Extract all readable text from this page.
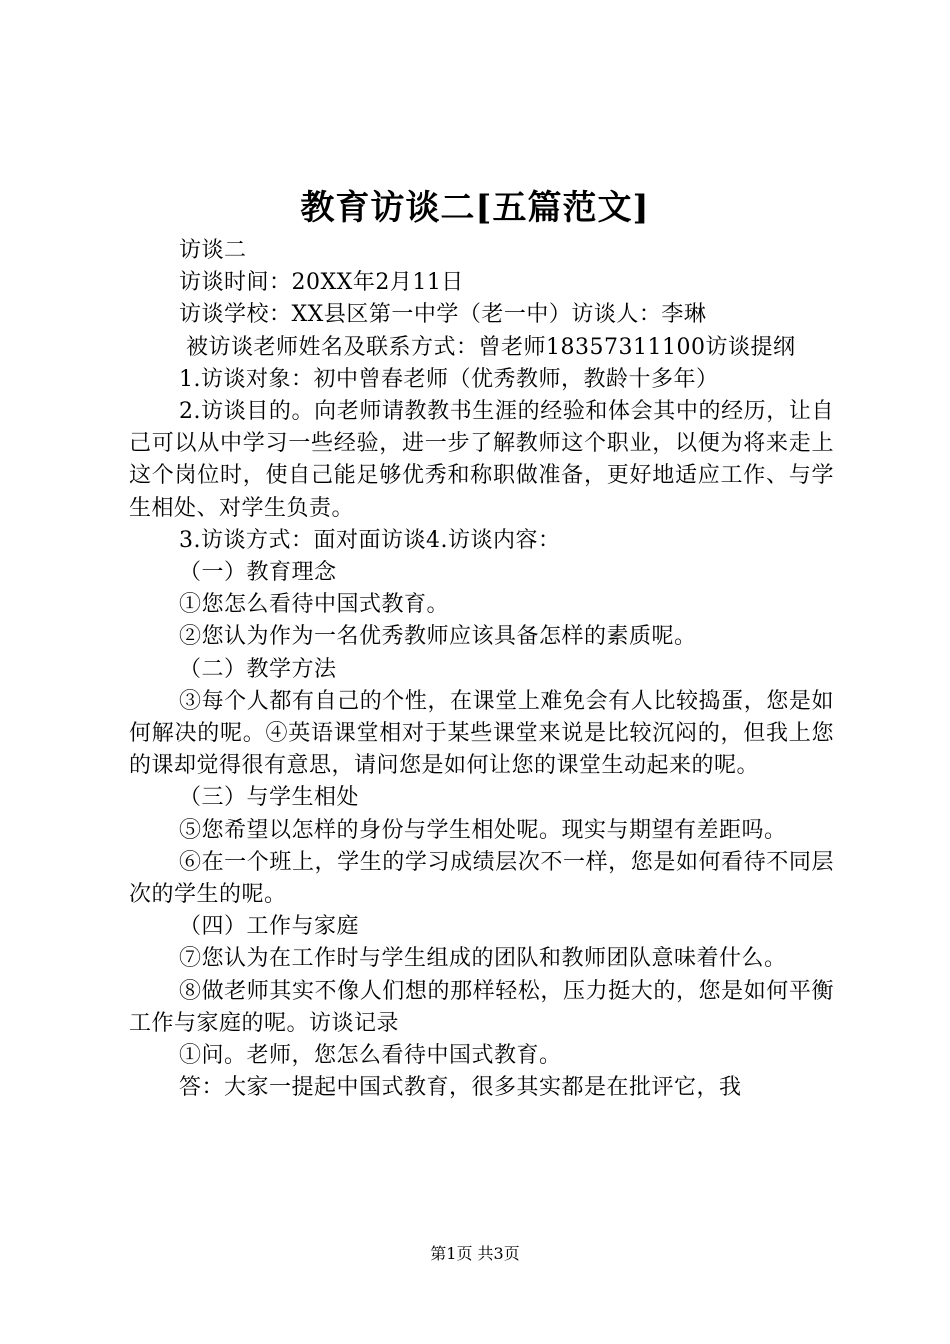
教育访谈二[五篇范文]

访谈二

访谈时间：20XX年2月11日

访谈学校：XX县区第一中学（老一中）访谈人：李琳

被访谈老师姓名及联系方式：曾老师18357311100访谈提纲

1.访谈对象：初中曾春老师（优秀教师，教龄十多年）

2.访谈目的。向老师请教教书生涯的经验和体会其中的经历，让自己可以从中学习一些经验，进一步了解教师这个职业，以便为将来走上这个岗位时，使自己能足够优秀和称职做准备，更好地适应工作、与学生相处、对学生负责。

3.访谈方式：面对面访谈4.访谈内容：

（一）教育理念

①您怎么看待中国式教育。

②您认为作为一名优秀教师应该具备怎样的素质呢。

（二）教学方法

③每个人都有自己的个性，在课堂上难免会有人比较捣蛋，您是如何解决的呢。④英语课堂相对于某些课堂来说是比较沉闷的，但我上您的课却觉得很有意思，请问您是如何让您的课堂生动起来的呢。

（三）与学生相处

⑤您希望以怎样的身份与学生相处呢。现实与期望有差距吗。

⑥在一个班上，学生的学习成绩层次不一样，您是如何看待不同层次的学生的呢。

（四）工作与家庭

⑦您认为在工作时与学生组成的团队和教师团队意味着什么。

⑧做老师其实不像人们想的那样轻松，压力挺大的，您是如何平衡工作与家庭的呢。访谈记录

①问。老师，您怎么看待中国式教育。

答：大家一提起中国式教育，很多其实都是在批评它，我

第1页 共3页
